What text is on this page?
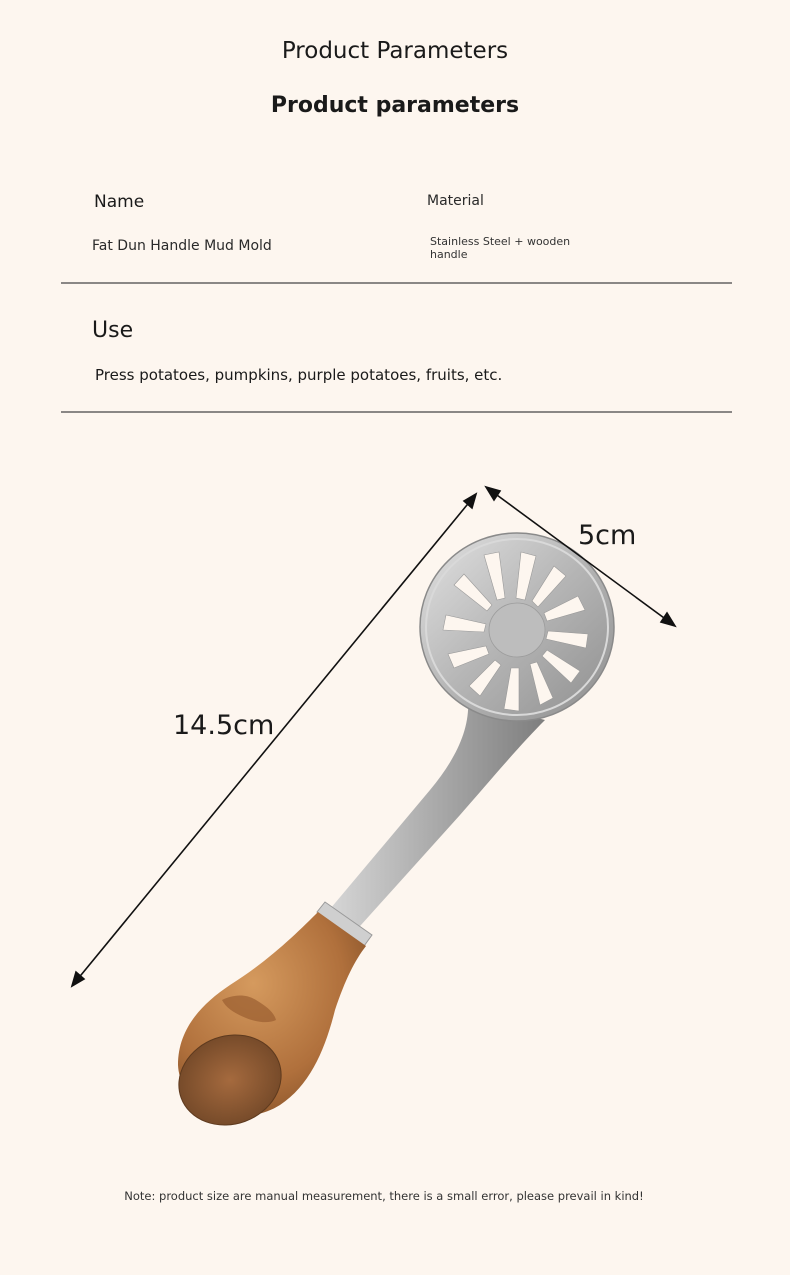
Product Parameters
Product parameters
Name	Material
Fat Dun Handle Mud Mold	Stainless Steel + wooden handle
Use
Press potatoes, pumpkins, purple potatoes, fruits, etc.
5cm
14.5cm
Note: product size are manual measurement, there is a small error, please prevail in kind!
